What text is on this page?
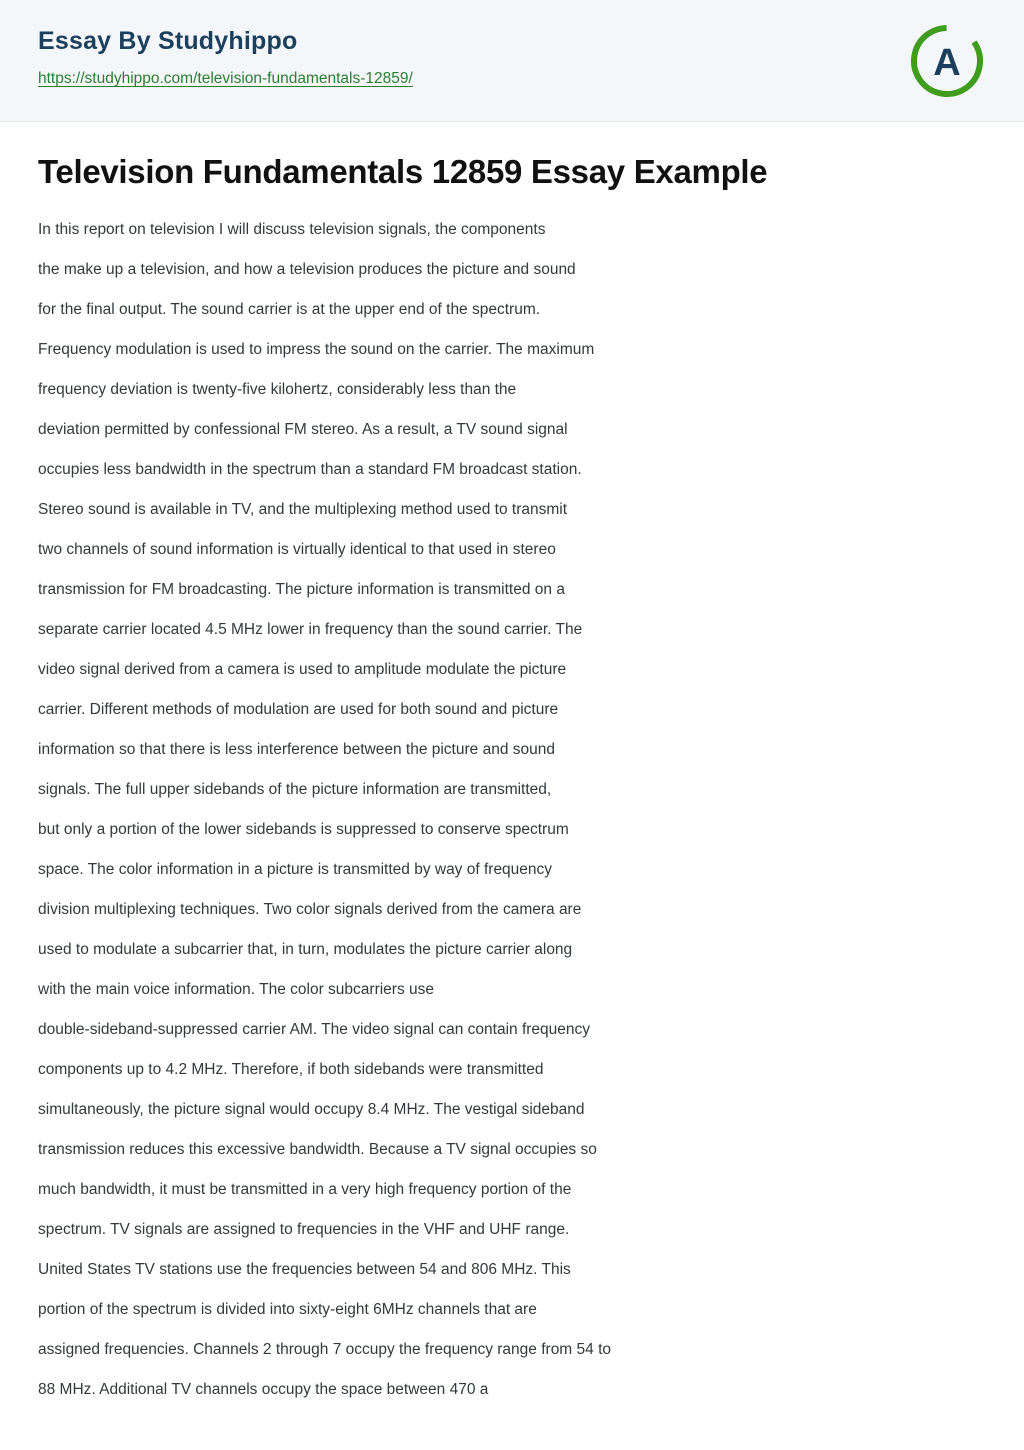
Essay By Studyhippo
https://studyhippo.com/television-fundamentals-12859/	A
Television Fundamentals 12859 Essay Example
In this report on television I will discuss television signals, the components
the make up a television, and how a television produces the picture and sound
for the final output. The sound carrier is at the upper end of the spectrum.
Frequency modulation is used to impress the sound on the carrier. The maximum
frequency deviation is twenty-five kilohertz, considerably less than the
deviation permitted by confessional FM stereo. As a result, a TV sound signal
occupies less bandwidth in the spectrum than a standard FM broadcast station.
Stereo sound is available in TV, and the multiplexing method used to transmit
two channels of sound information is virtually identical to that used in stereo
transmission for FM broadcasting. The picture information is transmitted on a
separate carrier located 4.5 MHz lower in frequency than the sound carrier. The
video signal derived from a camera is used to amplitude modulate the picture
carrier. Different methods of modulation are used for both sound and picture
information so that there is less interference between the picture and sound
signals. The full upper sidebands of the picture information are transmitted,
but only a portion of the lower sidebands is suppressed to conserve spectrum
space. The color information in a picture is transmitted by way of frequency
division multiplexing techniques. Two color signals derived from the camera are
used to modulate a subcarrier that, in turn, modulates the picture carrier along
with the main voice information. The color subcarriers use
double-sideband-suppressed carrier AM. The video signal can contain frequency
components up to 4.2 MHz. Therefore, if both sidebands were transmitted
simultaneously, the picture signal would occupy 8.4 MHz. The vestigal sideband
transmission reduces this excessive bandwidth. Because a TV signal occupies so
much bandwidth, it must be transmitted in a very high frequency portion of the
spectrum. TV signals are assigned to frequencies in the VHF and UHF range.
United States TV stations use the frequencies between 54 and 806 MHz. This
portion of the spectrum is divided into sixty-eight 6MHz channels that are
assigned frequencies. Channels 2 through 7 occupy the frequency range from 54 to
88 MHz. Additional TV channels occupy the space between 470 a
